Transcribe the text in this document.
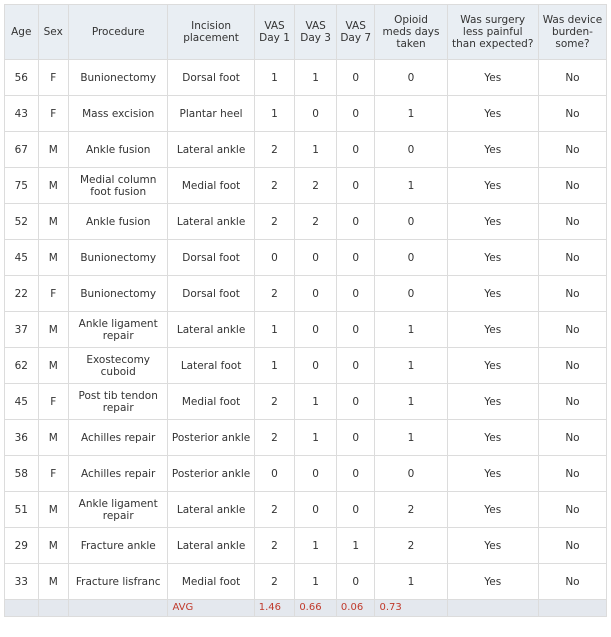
Age	Sex	Procedure	Incision placement	VAS Day 1	VAS Day 3	VAS Day 7	Opioid meds days taken	Was surgery less painful than expected?	Was device burden-some?
56	F	Bunionectomy	Dorsal foot	1	1	0	0	Yes	No
43	F	Mass excision	Plantar heel	1	0	0	1	Yes	No
67	M	Ankle fusion	Lateral ankle	2	1	0	0	Yes	No
75	M	Medial column foot fusion	Medial foot	2	2	0	1	Yes	No
52	M	Ankle fusion	Lateral ankle	2	2	0	0	Yes	No
45	M	Bunionectomy	Dorsal foot	0	0	0	0	Yes	No
22	F	Bunionectomy	Dorsal foot	2	0	0	0	Yes	No
37	M	Ankle ligament repair	Lateral ankle	1	0	0	1	Yes	No
62	M	Exostecomy cuboid	Lateral foot	1	0	0	1	Yes	No
45	F	Post tib tendon repair	Medial foot	2	1	0	1	Yes	No
36	M	Achilles repair	Posterior ankle	2	1	0	1	Yes	No
58	F	Achilles repair	Posterior ankle	0	0	0	0	Yes	No
51	M	Ankle ligament repair	Lateral ankle	2	0	0	2	Yes	No
29	M	Fracture ankle	Lateral ankle	2	1	1	2	Yes	No
33	M	Fracture lisfranc	Medial foot	2	1	0	1	Yes	No
			AVG	1.46	0.66	0.06	0.73		
